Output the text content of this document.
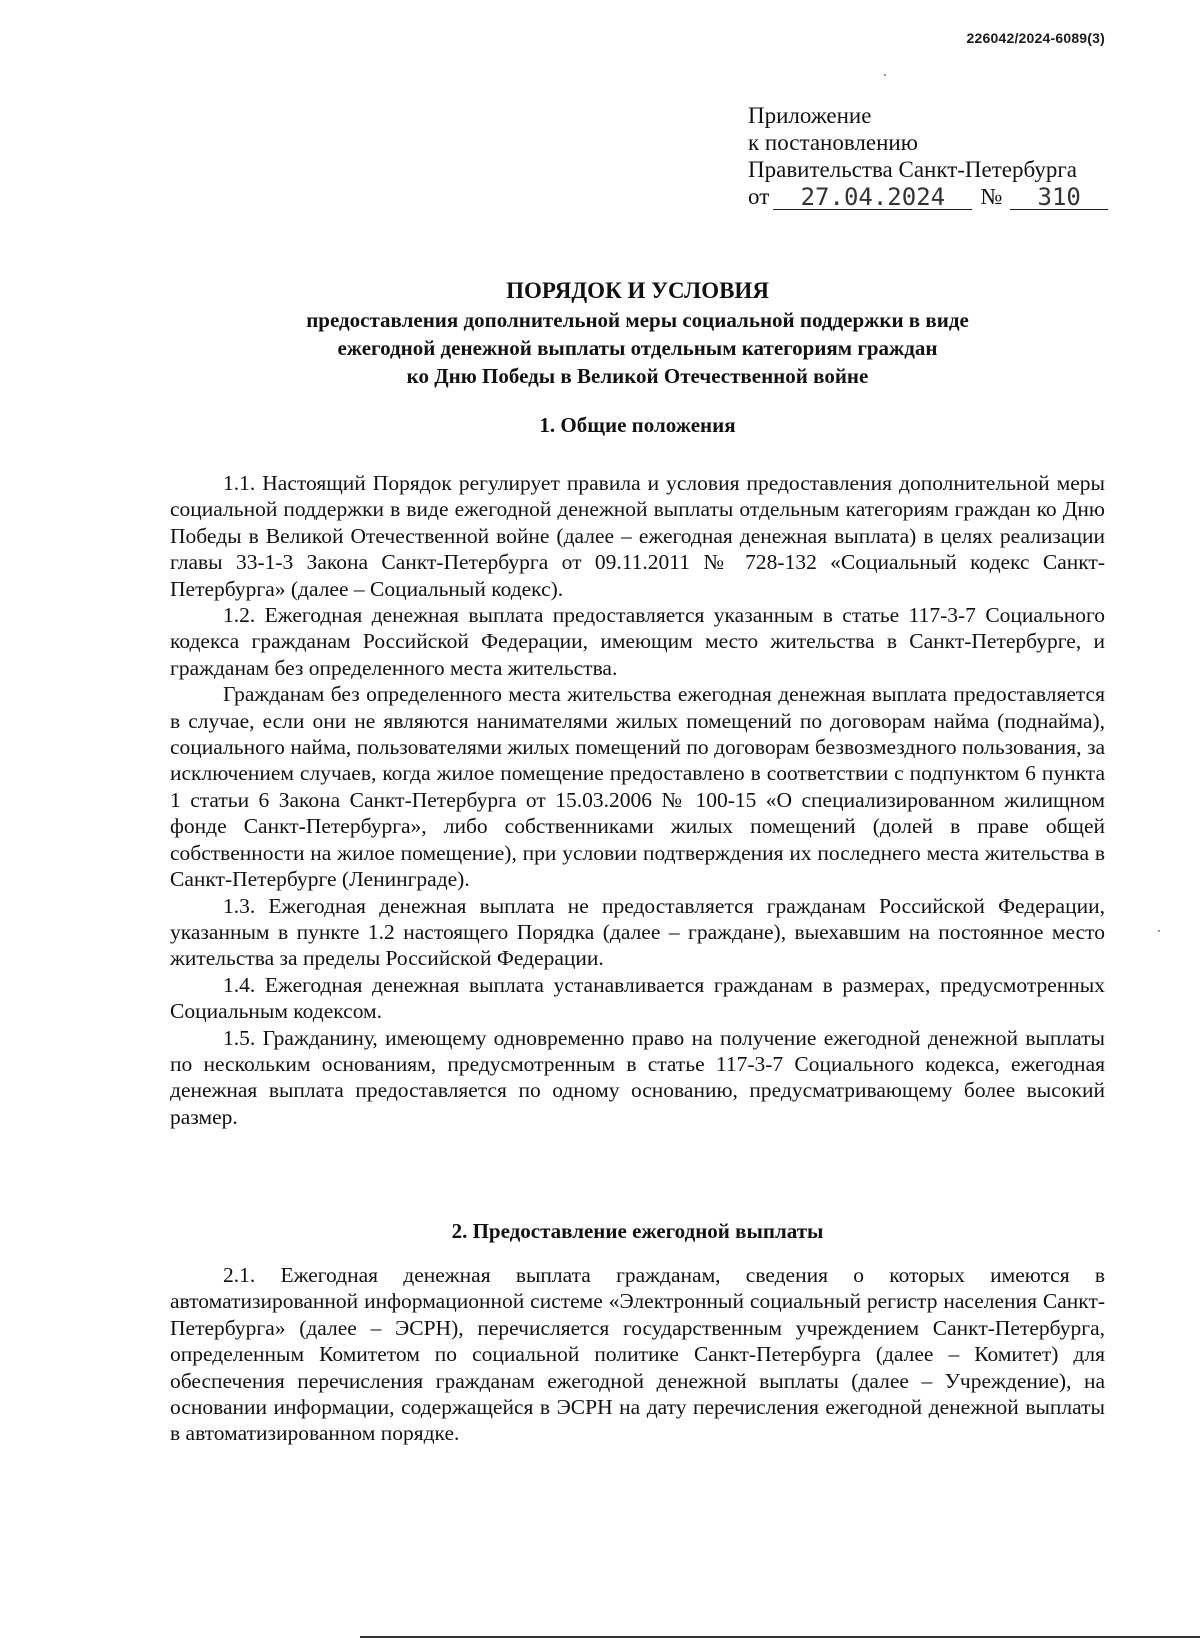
226042/2024-6089(3)
Приложение
к постановлению
Правительства Санкт-Петербурга
от	27.04.2024	№	310
ПОРЯДОК И УСЛОВИЯ
предоставления дополнительной меры социальной поддержки в виде
ежегодной денежной выплаты отдельным категориям граждан
ко Дню Победы в Великой Отечественной войне
1. Общие положения

1.1. Настоящий Порядок регулирует правила и условия предоставления дополнительной меры социальной поддержки в виде ежегодной денежной выплаты отдельным категориям граждан ко Дню Победы в Великой Отечественной войне (далее – ежегодная денежная выплата) в целях реализации главы 33-1-3 Закона Санкт-Петербурга от 09.11.2011 № 728-132 «Социальный кодекс Санкт-Петербурга» (далее – Социальный кодекс).

1.2. Ежегодная денежная выплата предоставляется указанным в статье 117-3-7 Социального кодекса гражданам Российской Федерации, имеющим место жительства в Санкт-Петербурге, и гражданам без определенного места жительства.

Гражданам без определенного места жительства ежегодная денежная выплата предоставляется в случае, если они не являются нанимателями жилых помещений по договорам найма (поднайма), социального найма, пользователями жилых помещений по договорам безвозмездного пользования, за исключением случаев, когда жилое помещение предоставлено в соответствии с подпунктом 6 пункта 1 статьи 6 Закона Санкт-Петербурга от 15.03.2006 № 100-15 «О специализированном жилищном фонде Санкт-Петербурга», либо собственниками жилых помещений (долей в праве общей собственности на жилое помещение), при условии подтверждения их последнего места жительства в Санкт-Петербурге (Ленинграде).

1.3. Ежегодная денежная выплата не предоставляется гражданам Российской Федерации, указанным в пункте 1.2 настоящего Порядка (далее – граждане), выехавшим на постоянное место жительства за пределы Российской Федерации.

1.4. Ежегодная денежная выплата устанавливается гражданам в размерах, предусмотренных Социальным кодексом.

1.5. Гражданину, имеющему одновременно право на получение ежегодной денежной выплаты по нескольким основаниям, предусмотренным в статье 117-3-7 Социального кодекса, ежегодная денежная выплата предоставляется по одному основанию, предусматривающему более высокий размер.

2. Предоставление ежегодной выплаты

2.1. Ежегодная денежная выплата гражданам, сведения о которых имеются в автоматизированной информационной системе «Электронный социальный регистр населения Санкт-Петербурга» (далее – ЭСРН), перечисляется государственным учреждением Санкт-Петербурга, определенным Комитетом по социальной политике Санкт-Петербурга (далее – Комитет) для обеспечения перечисления гражданам ежегодной денежной выплаты (далее – Учреждение), на основании информации, содержащейся в ЭСРН на дату перечисления ежегодной денежной выплаты в автоматизированном порядке.
